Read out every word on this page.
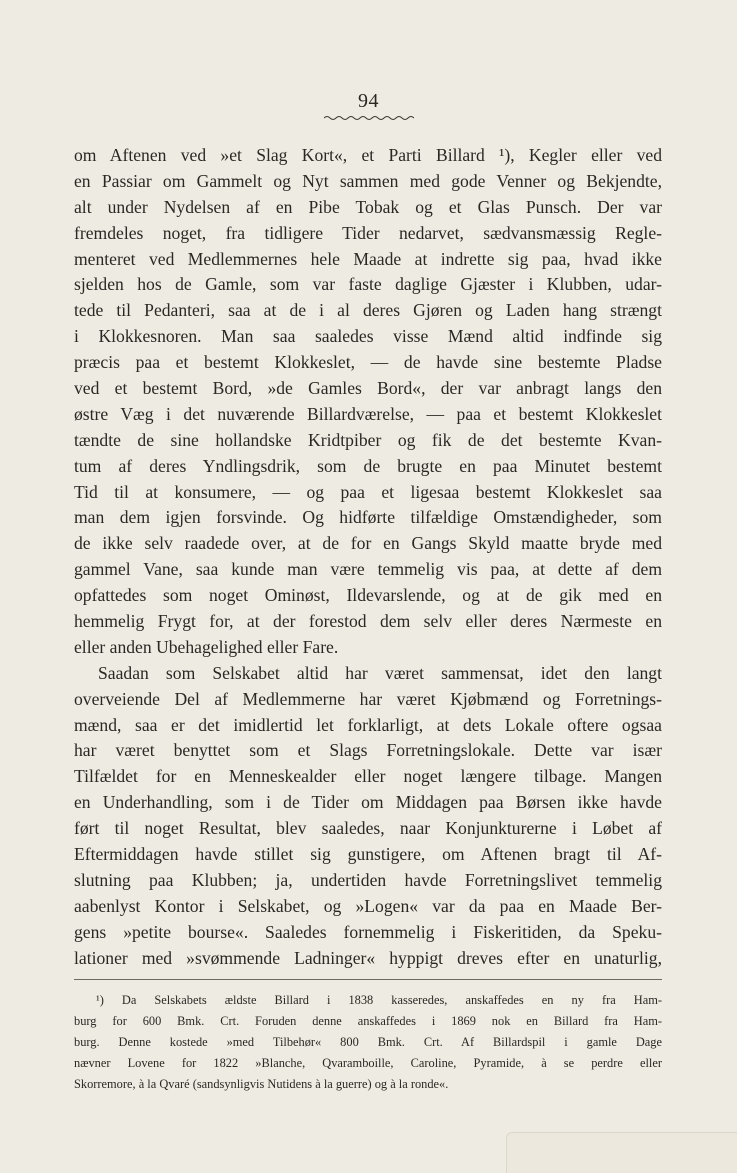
94
om Aftenen ved »et Slag Kort«, et Parti Billard ¹), Kegler eller ved
en Passiar om Gammelt og Nyt sammen med gode Venner og Bekjendte,
alt under Nydelsen af en Pibe Tobak og et Glas Punsch. Der var
fremdeles noget, fra tidligere Tider nedarvet, sædvansmæssig Regle-
menteret ved Medlemmernes hele Maade at indrette sig paa, hvad ikke
sjelden hos de Gamle, som var faste daglige Gjæster i Klubben, udar-
tede til Pedanteri, saa at de i al deres Gjøren og Laden hang strængt
i Klokkesnoren. Man saa saaledes visse Mænd altid indfinde sig
præcis paa et bestemt Klokkeslet, — de havde sine bestemte Pladse
ved et bestemt Bord, »de Gamles Bord«, der var anbragt langs den
østre Væg i det nuværende Billardværelse, — paa et bestemt Klokkeslet
tændte de sine hollandske Kridtpiber og fik de det bestemte Kvan-
tum af deres Yndlingsdrik, som de brugte en paa Minutet bestemt
Tid til at konsumere, — og paa et ligesaa bestemt Klokkeslet saa
man dem igjen forsvinde. Og hidførte tilfældige Omstændigheder, som
de ikke selv raadede over, at de for en Gangs Skyld maatte bryde med
gammel Vane, saa kunde man være temmelig vis paa, at dette af dem
opfattedes som noget Ominøst, Ildevarslende, og at de gik med en
hemmelig Frygt for, at der forestod dem selv eller deres Nærmeste en
eller anden Ubehagelighed eller Fare.
Saadan som Selskabet altid har været sammensat, idet den langt
overveiende Del af Medlemmerne har været Kjøbmænd og Forretnings-
mænd, saa er det imidlertid let forklarligt, at dets Lokale oftere ogsaa
har været benyttet som et Slags Forretningslokale. Dette var især
Tilfældet for en Menneskealder eller noget længere tilbage. Mangen
en Underhandling, som i de Tider om Middagen paa Børsen ikke havde
ført til noget Resultat, blev saaledes, naar Konjunkturerne i Løbet af
Eftermiddagen havde stillet sig gunstigere, om Aftenen bragt til Af-
slutning paa Klubben; ja, undertiden havde Forretningslivet temmelig
aabenlyst Kontor i Selskabet, og »Logen« var da paa en Maade Ber-
gens »petite bourse«. Saaledes fornemmelig i Fiskeritiden, da Speku-
lationer med »svømmende Ladninger« hyppigt dreves efter en unaturlig,
¹) Da Selskabets ældste Billard i 1838 kasseredes, anskaffedes en ny fra Ham-
burg for 600 Bmk. Crt. Foruden denne anskaffedes i 1869 nok en Billard fra Ham-
burg. Denne kostede »med Tilbehør« 800 Bmk. Crt. Af Billardspil i gamle Dage
nævner Lovene for 1822 »Blanche, Qvaramboille, Caroline, Pyramide, à se perdre eller
Skorremore, à la Qvaré (sandsynligvis Nutidens à la guerre) og à la ronde«.
